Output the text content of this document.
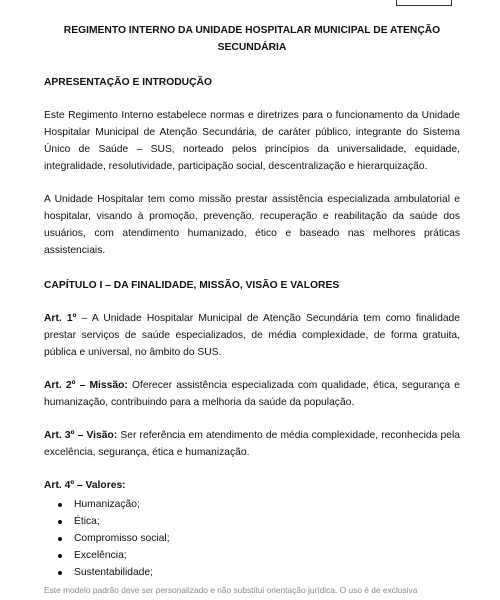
REGIMENTO INTERNO DA UNIDADE HOSPITALAR MUNICIPAL DE ATENÇÃO SECUNDÁRIA
APRESENTAÇÃO E INTRODUÇÃO

Este Regimento Interno estabelece normas e diretrizes para o funcionamento da Unidade Hospitalar Municipal de Atenção Secundária, de caráter público, integrante do Sistema Único de Saúde – SUS, norteado pelos princípios da universalidade, equidade, integralidade, resolutividade, participação social, descentralização e hierarquização.

A Unidade Hospitalar tem como missão prestar assistência especializada ambulatorial e hospitalar, visando à promoção, prevenção, recuperação e reabilitação da saúde dos usuários, com atendimento humanizado, ético e baseado nas melhores práticas assistenciais.

CAPÍTULO I – DA FINALIDADE, MISSÃO, VISÃO E VALORES

Art. 1º – A Unidade Hospitalar Municipal de Atenção Secundária tem como finalidade prestar serviços de saúde especializados, de média complexidade, de forma gratuita, pública e universal, no âmbito do SUS.

Art. 2º – Missão: Oferecer assistência especializada com qualidade, ética, segurança e humanização, contribuindo para a melhoria da saúde da população.

Art. 3º – Visão: Ser referência em atendimento de média complexidade, reconhecida pela excelência, segurança, ética e humanização.

Art. 4º – Valores:
Humanização;
Ética;
Compromisso social;
Excelência;
Sustentabilidade;
Este modelo padrão deve ser personalizado e não substitui orientação jurídica. O uso é de exclusiva
